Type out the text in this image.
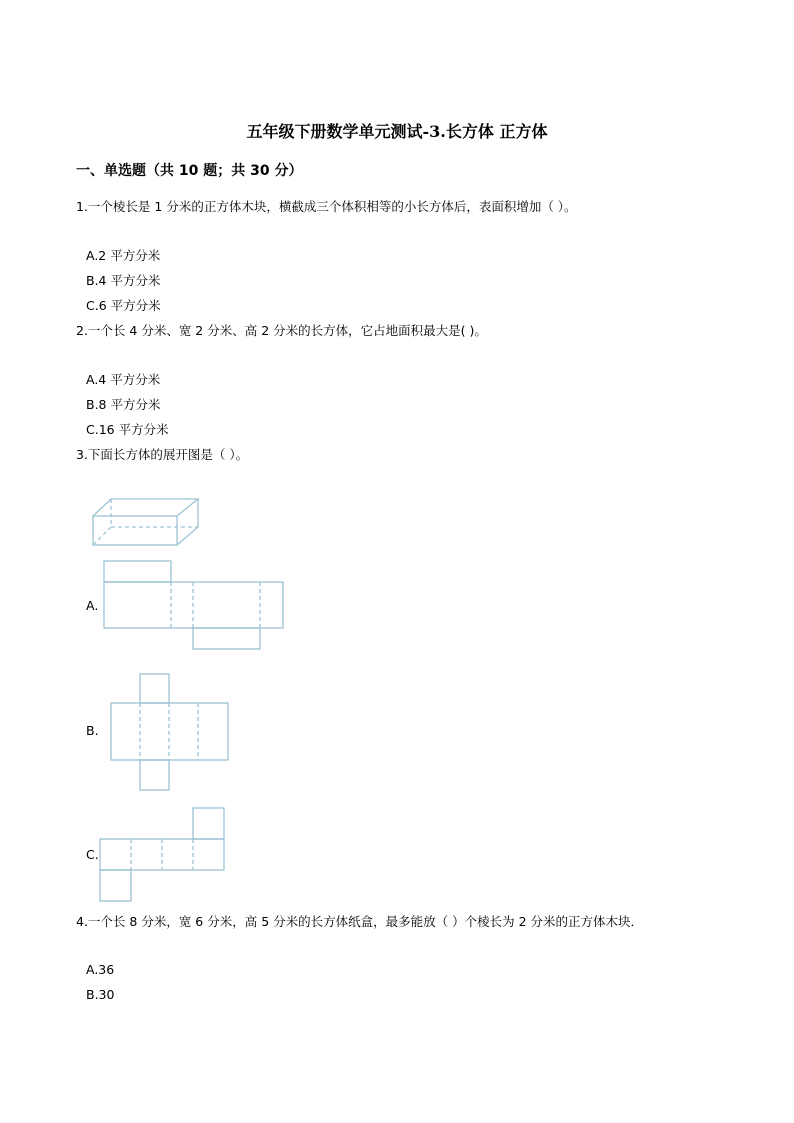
五年级下册数学单元测试-3.长方体 正方体
一、单选题（共 10 题；共 30 分）
1.一个棱长是 1 分米的正方体木块，横截成三个体积相等的小长方体后，表面积增加（ ）。
A.2 平方分米
B.4 平方分米
C.6 平方分米
2.一个长 4 分米、宽 2 分米、高 2 分米的长方体，它占地面积最大是( )。
A.4 平方分米
B.8 平方分米
C.16 平方分米
3.下面长方体的展开图是（ ）。
A.
B.
C.
4.一个长 8 分米，宽 6 分米，高 5 分米的长方体纸盒，最多能放（ ）个棱长为 2 分米的正方体木块．
A.36
B.30
